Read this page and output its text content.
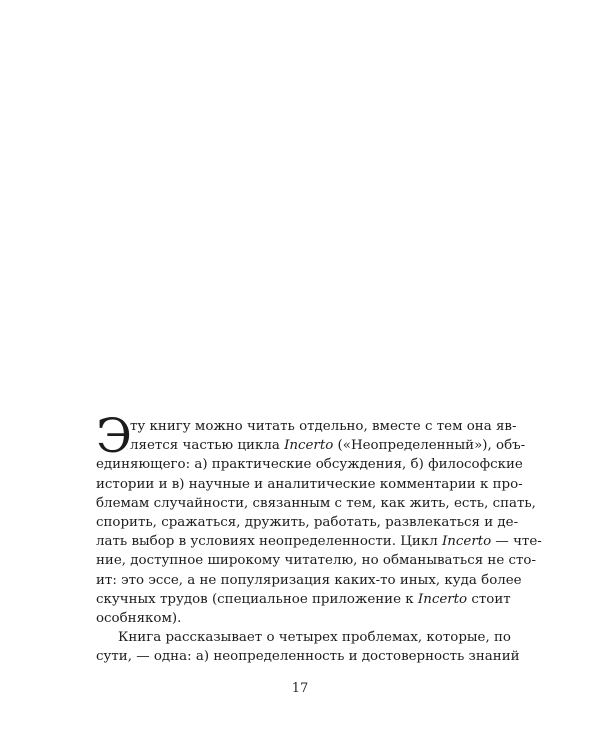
Э
ту книгу можно читать отдельно, вместе с тем она яв-
ляется частью цикла Incerto («Неопределенный»), объ-
единяющего: а) практические обсуждения, б) философские
истории и в) научные и аналитические комментарии к про-
блемам случайности, связанным с тем, как жить, есть, спать,
спорить, сражаться, дружить, работать, развлекаться и де-
лать выбор в условиях неопределенности. Цикл Incerto — чте-
ние, доступное широкому читателю, но обманываться не сто-
ит: это эссе, а не популяризация каких-то иных, куда более
скучных трудов (специальное приложение к Incerto стоит
особняком).
Книга рассказывает о четырех проблемах, которые, по
сути, — одна: а) неопределенность и достоверность знаний
17
